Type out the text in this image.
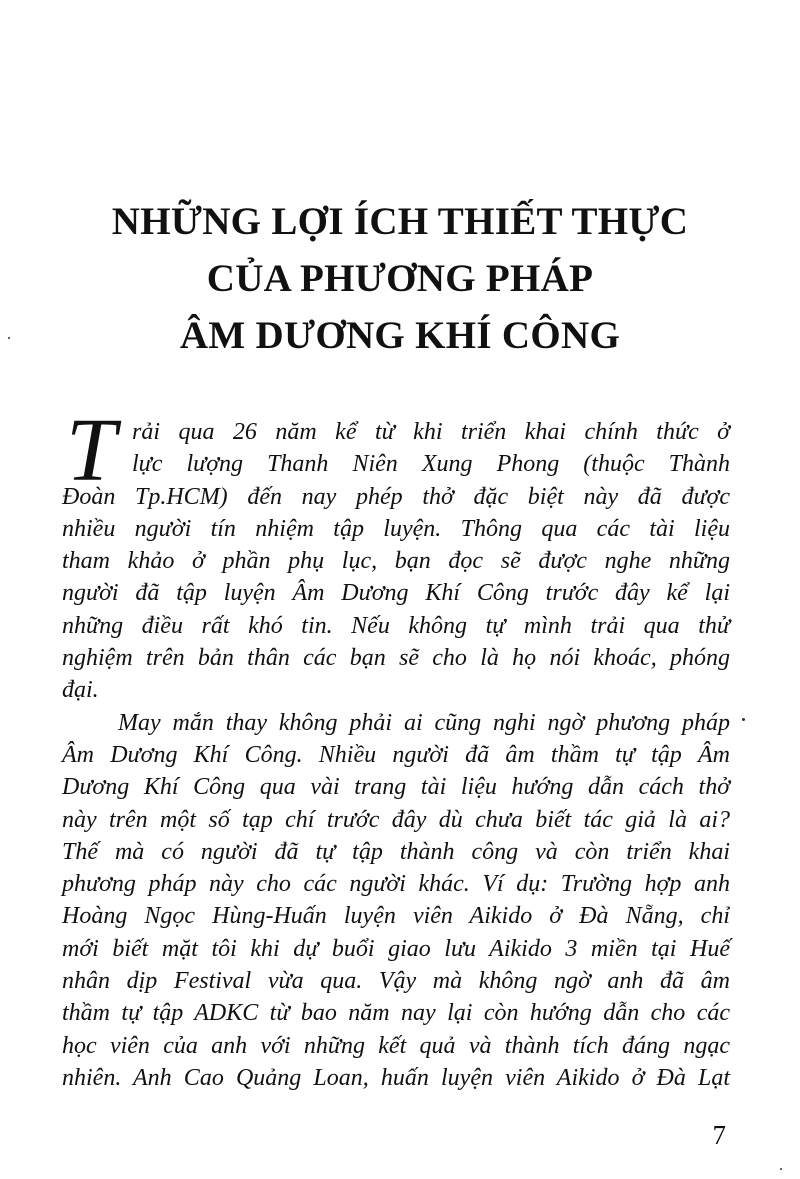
NHỮNG LỢI ÍCH THIẾT THỰC
CỦA PHƯƠNG PHÁP
ÂM DƯƠNG KHÍ CÔNG
T rải qua 26 năm kể từ khi triển khai chính thức ở
lực lượng Thanh Niên Xung Phong (thuộc Thành
Đoàn Tp.HCM) đến nay phép thở đặc biệt này đã được
nhiều người tín nhiệm tập luyện. Thông qua các tài liệu
tham khảo ở phần phụ lục, bạn đọc sẽ được nghe những
người đã tập luyện Âm Dương Khí Công trước đây kể lại
những điều rất khó tin. Nếu không tự mình trải qua thử
nghiệm trên bản thân các bạn sẽ cho là họ nói khoác, phóng
đại.
May mắn thay không phải ai cũng nghi ngờ phương pháp
Âm Dương Khí Công. Nhiều người đã âm thầm tự tập Âm
Dương Khí Công qua vài trang tài liệu hướng dẫn cách thở
này trên một số tạp chí trước đây dù chưa biết tác giả là ai?
Thế mà có người đã tự tập thành công và còn triển khai
phương pháp này cho các người khác. Ví dụ: Trường hợp anh
Hoàng Ngọc Hùng-Huấn luyện viên Aikido ở Đà Nẵng, chỉ
mới biết mặt tôi khi dự buổi giao lưu Aikido 3 miền tại Huế
nhân dịp Festival vừa qua. Vậy mà không ngờ anh đã âm
thầm tự tập ADKC từ bao năm nay lại còn hướng dẫn cho các
học viên của anh với những kết quả và thành tích đáng ngạc
nhiên. Anh Cao Quảng Loan, huấn luyện viên Aikido ở Đà Lạt
7
